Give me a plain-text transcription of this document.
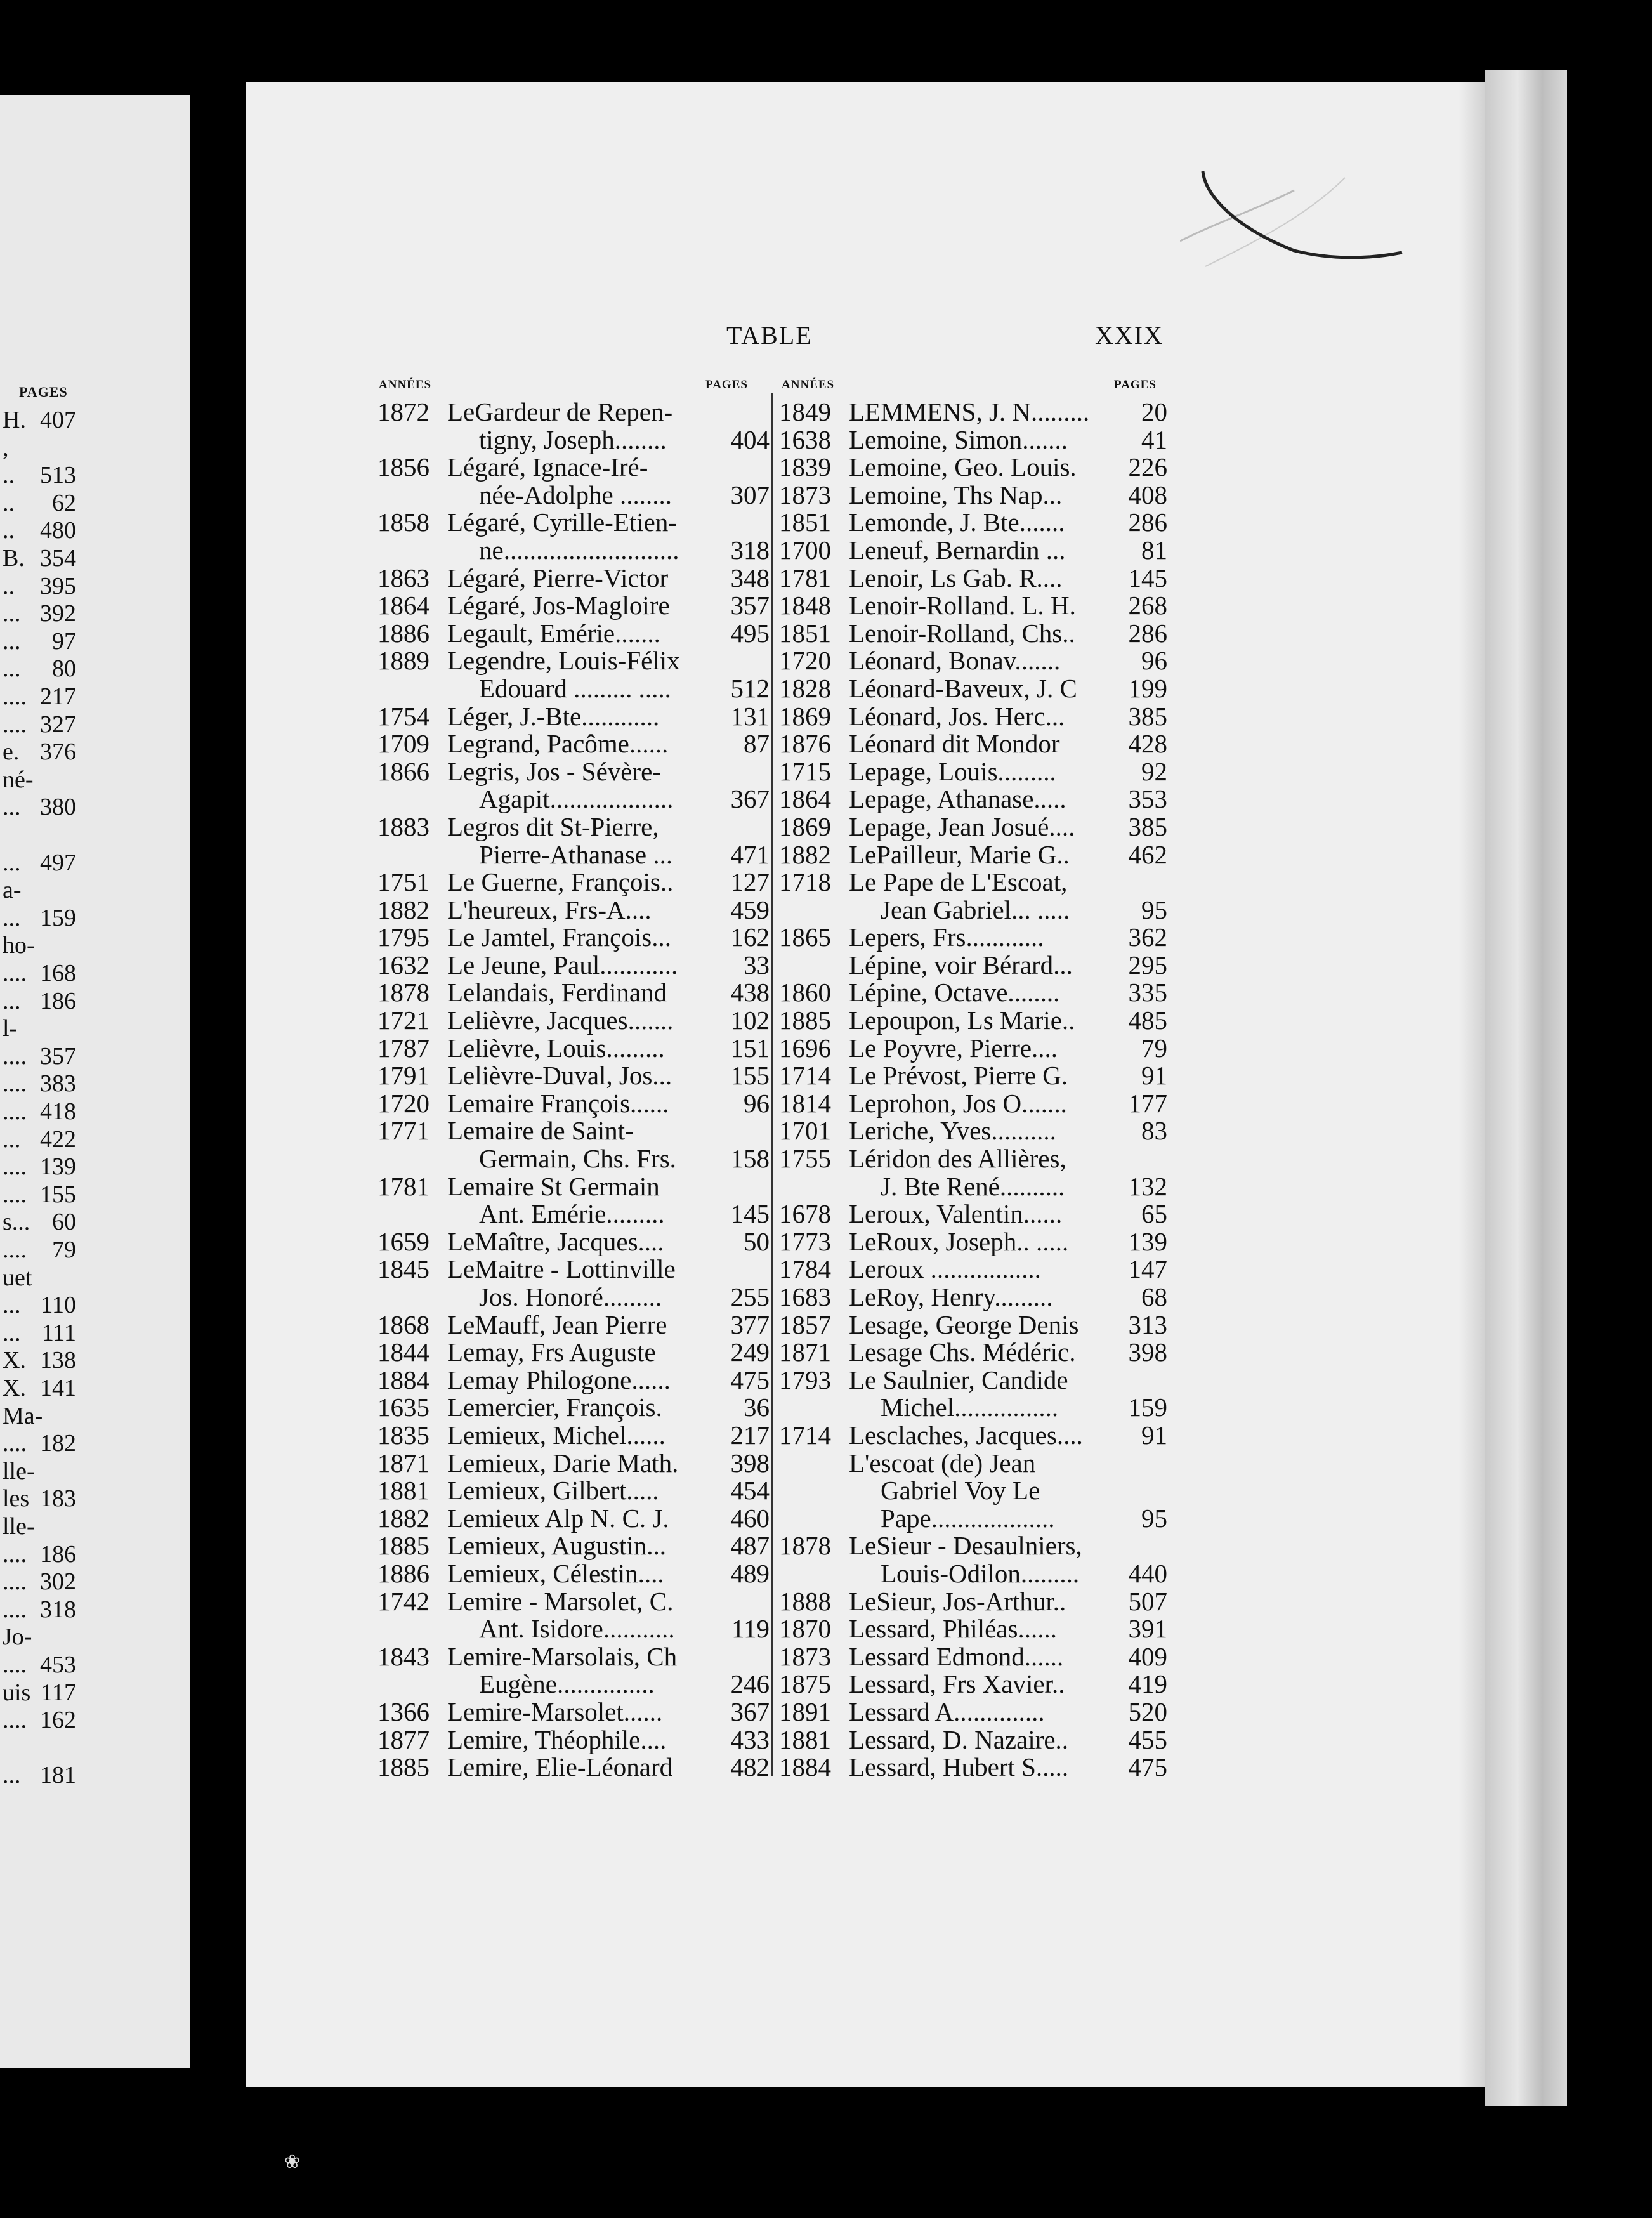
PAGES
H. 407
,
.. 513
.. 62
.. 480
B. 354
.. 395
... 392
... 97
... 80
.... 217
.... 327
e. 376
né-
... 380
... 497
a-
... 159
ho-
.... 168
... 186
l-
.... 357
.... 383
.... 418
... 422
.... 139
.... 155
s... 60
.... 79
uet
... 110
... 111
X. 138
X. 141
Ma-
.... 182
lle-
les 183
lle-
.... 186
.... 302
.... 318
Jo-
.... 453
uis 117
.... 162
... 181
TABLE	XXIX
ANNÉES	PAGES	ANNÉES	PAGES
1872 LeGardeur de Repen-
tigny, Joseph........ 404
1856 Légaré, Ignace-Iré-
née-Adolphe ........ 307
1858 Légaré, Cyrille-Etien-
ne........................... 318
1863 Légaré, Pierre-Victor 348
1864 Légaré, Jos-Magloire 357
1886 Legault, Emérie.......	495
1889 Legendre, Louis-Félix
Edouard ......... ..... 512
1754 Léger, J.-Bte............	131
1709 Legrand, Pacôme......	87
1866 Legris, Jos - Sévère-
Agapit................... 367
1883 Legros dit St-Pierre,
Pierre-Athanase ... 471
1751 Le Guerne, François.. 127
1882 L'heureux, Frs-A....	459
1795 Le Jamtel, François... 162
1632 Le Jeune, Paul............	33
1878 Lelandais, Ferdinand 438
1721 Lelièvre, Jacques....... 102
1787 Lelièvre, Louis.........	151
1791 Lelièvre-Duval, Jos... 155
1720 Lemaire François......	96
1771 Lemaire de Saint-
Germain, Chs. Frs. 158
1781 Lemaire St Germain
Ant. Emérie.........	145
1659 LeMaître, Jacques....	50
1845 LeMaitre - Lottinville
Jos. Honoré.........	255
1868 LeMauff, Jean Pierre 377
1844 Lemay, Frs Auguste	249
1884 Lemay Philogone...... 475
1635 Lemercier, François.	36
1835 Lemieux, Michel......	217
1871 Lemieux, Darie Math. 398
1881 Lemieux, Gilbert.....	454
1882 Lemieux Alp N. C. J. 460
1885 Lemieux, Augustin... 487
1886 Lemieux, Célestin....	489
1742 Lemire - Marsolet, C.
Ant. Isidore........... 119
1843 Lemire-Marsolais, Ch
Eugène...............	246
1366 Lemire-Marsolet......	367
1877 Lemire, Théophile.... 433
1885 Lemire, Elie-Léonard 482
1849 LEMMENS, J. N......... 20
1638 Lemoine, Simon.......	41
1839 Lemoine, Geo. Louis. 226
1873 Lemoine, Ths Nap...	408
1851 Lemonde, J. Bte....... 286
1700 Leneuf, Bernardin ...	81
1781 Lenoir, Ls Gab. R....	145
1848 Lenoir-Rolland. L. H. 268
1851 Lenoir-Rolland, Chs.. 286
1720 Léonard, Bonav.......	96
1828 Léonard-Baveux, J. C 199
1869 Léonard, Jos. Herc... 385
1876 Léonard dit Mondor	428
1715 Lepage, Louis.........	92
1864 Lepage, Athanase..... 353
1869 Lepage, Jean Josué.... 385
1882 LePailleur, Marie G.. 462
1718 Le Pape de L'Escoat,
Jean Gabriel... .....	95
1865 Lepers, Frs............	362
Lépine, voir Bérard... 295
1860 Lépine, Octave........	335
1885 Lepoupon, Ls Marie.. 485
1696 Le Poyvre, Pierre....	79
1714 Le Prévost, Pierre G.	91
1814 Leprohon, Jos O....... 177
1701 Leriche, Yves..........	83
1755 Léridon des Allières,
J. Bte René.......... 132
1678 Leroux, Valentin......	65
1773 LeRoux, Joseph.. ..... 139
1784 Leroux .................	147
1683 LeRoy, Henry.........	68
1857 Lesage, George Denis 313
1871 Lesage Chs. Médéric. 398
1793 Le Saulnier, Candide
Michel................	159
1714 Lesclaches, Jacques.... 91
L'escoat (de) Jean
Gabriel Voy Le
Pape...................	95
1878 LeSieur - Desaulniers,
Louis-Odilon......... 440
1888 LeSieur, Jos-Arthur.. 507
1870 Lessard, Philéas......	391
1873 Lessard Edmond...... 409
1875 Lessard, Frs Xavier.. 419
1891 Lessard A..............	520
1881 Lessard, D. Nazaire.. 455
1884 Lessard, Hubert S..... 475
❀
